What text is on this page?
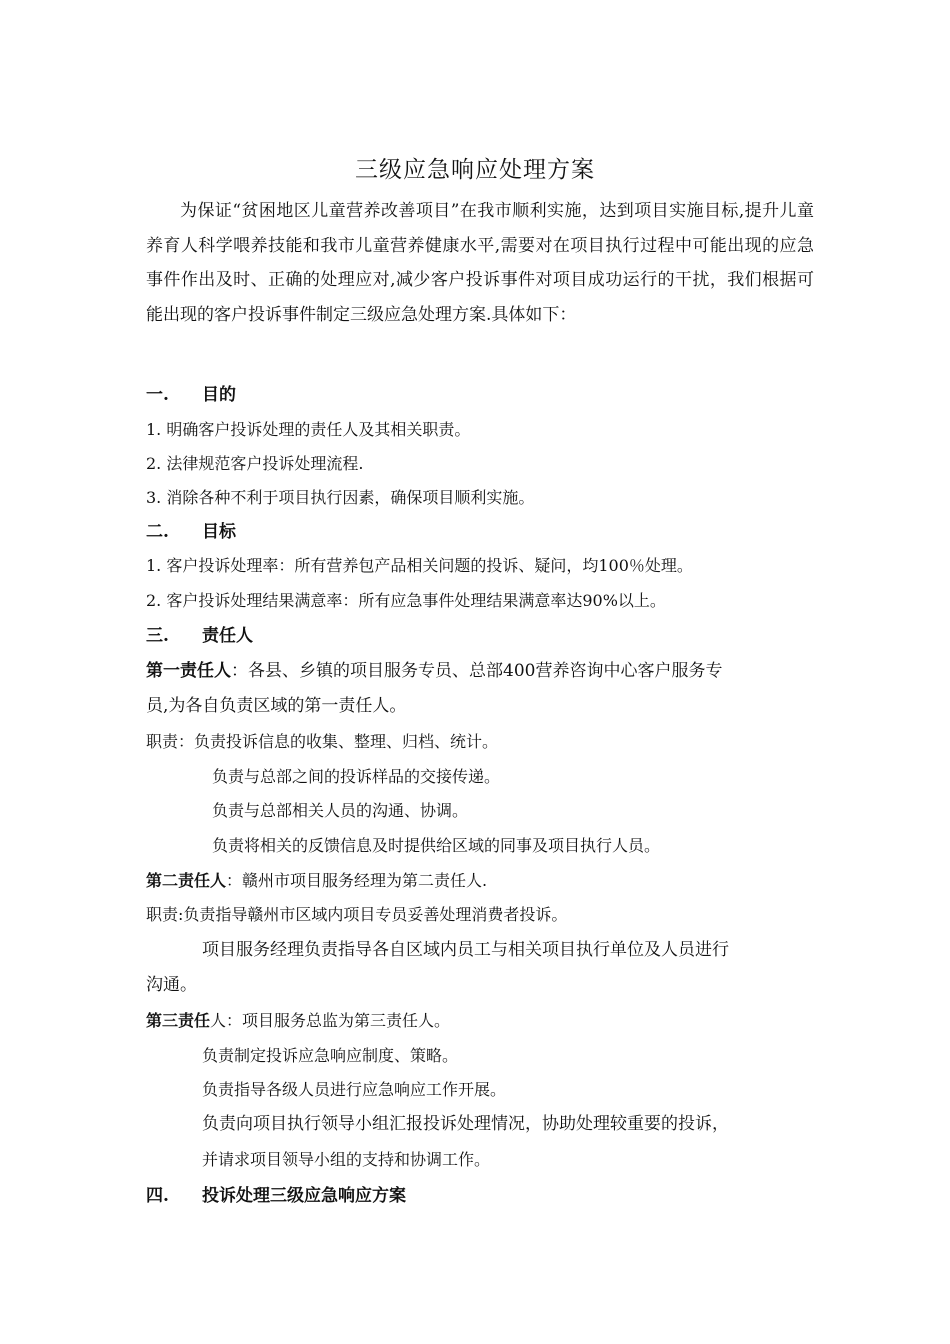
三级应急响应处理方案
为保证“贫困地区儿童营养改善项目”在我市顺利实施，达到项目实施目标,提升儿童养育人科学喂养技能和我市儿童营养健康水平,需要对在项目执行过程中可能出现的应急事件作出及时、正确的处理应对,减少客户投诉事件对项目成功运行的干扰，我们根据可能出现的客户投诉事件制定三级应急处理方案.具体如下：
一. 目的
1. 明确客户投诉处理的责任人及其相关职责。
2. 法律规范客户投诉处理流程.
3. 消除各种不利于项目执行因素，确保项目顺利实施。
二. 目标
1. 客户投诉处理率：所有营养包产品相关问题的投诉、疑问，均100％处理。
2. 客户投诉处理结果满意率：所有应急事件处理结果满意率达90%以上。
三. 责任人
第一责任人：各县、乡镇的项目服务专员、总部400营养咨询中心客户服务专
员,为各自负责区域的第一责任人。
职责：负责投诉信息的收集、整理、归档、统计。
负责与总部之间的投诉样品的交接传递。
负责与总部相关人员的沟通、协调。
负责将相关的反馈信息及时提供给区域的同事及项目执行人员。
第二责任人：赣州市项目服务经理为第二责任人.
职责:负责指导赣州市区域内项目专员妥善处理消费者投诉。
项目服务经理负责指导各自区域内员工与相关项目执行单位及人员进行
沟通。
第三责任人：项目服务总监为第三责任人。
负责制定投诉应急响应制度、策略。
负责指导各级人员进行应急响应工作开展。
负责向项目执行领导小组汇报投诉处理情况，协助处理较重要的投诉，
并请求项目领导小组的支持和协调工作。
四. 投诉处理三级应急响应方案
